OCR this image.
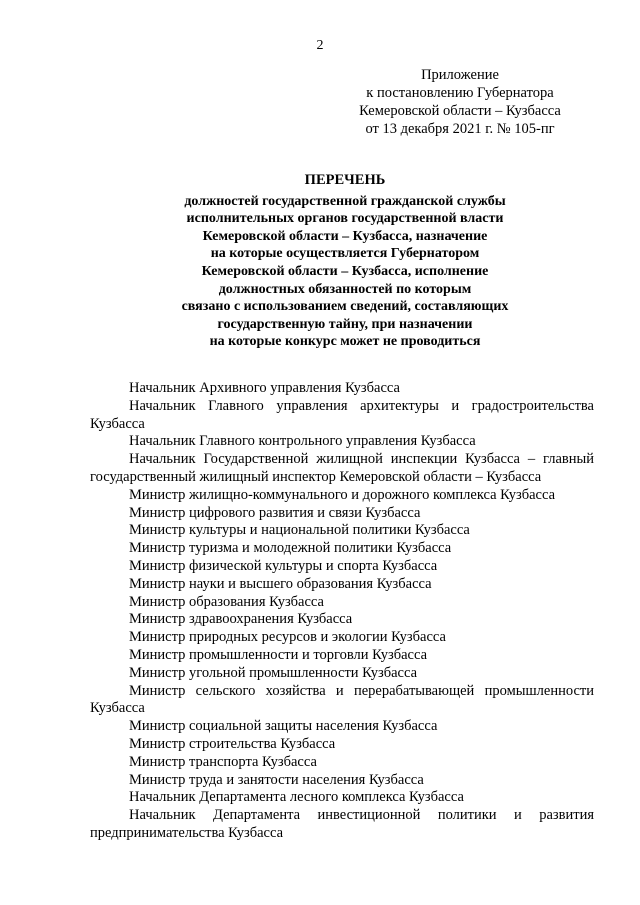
2
Приложение
к постановлению Губернатора
Кемеровской области – Кузбасса
от 13 декабря 2021 г. № 105-пг
ПЕРЕЧЕНЬ
должностей государственной гражданской службы
исполнительных органов государственной власти
Кемеровской области – Кузбасса, назначение
на которые осуществляется Губернатором
Кемеровской области – Кузбасса, исполнение
должностных обязанностей по которым
связано с использованием сведений, составляющих
государственную тайну, при назначении
на которые конкурс может не проводиться
Начальник Архивного управления Кузбасса
Начальник Главного управления архитектуры и градостроительства Кузбасса
Начальник Главного контрольного управления Кузбасса
Начальник Государственной жилищной инспекции Кузбасса – главный государственный жилищный инспектор Кемеровской области – Кузбасса
Министр жилищно-коммунального и дорожного комплекса Кузбасса
Министр цифрового развития и связи Кузбасса
Министр культуры и национальной политики Кузбасса
Министр туризма и молодежной политики Кузбасса
Министр физической культуры и спорта Кузбасса
Министр науки и высшего образования Кузбасса
Министр образования Кузбасса
Министр здравоохранения Кузбасса
Министр природных ресурсов и экологии Кузбасса
Министр промышленности и торговли Кузбасса
Министр угольной промышленности Кузбасса
Министр сельского хозяйства и перерабатывающей промышленности Кузбасса
Министр социальной защиты населения Кузбасса
Министр строительства Кузбасса
Министр транспорта Кузбасса
Министр труда и занятости населения Кузбасса
Начальник Департамента лесного комплекса Кузбасса
Начальник Департамента инвестиционной политики и развития предпринимательства Кузбасса
